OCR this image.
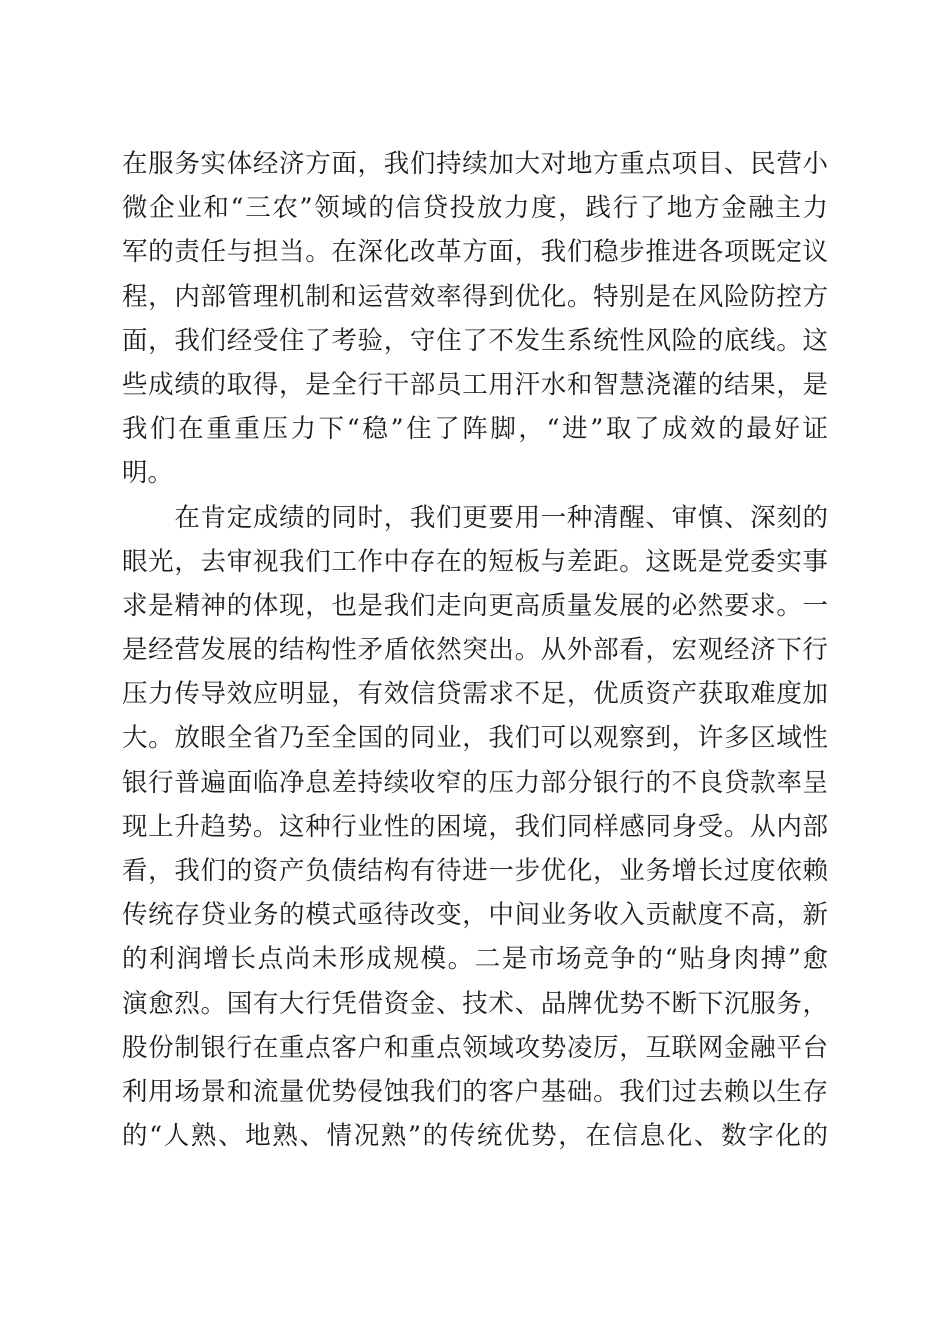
在服务实体经济方面，我们持续加大对地方重点项目、民营小
微企业和“三农”领域的信贷投放力度，践行了地方金融主力
军的责任与担当。在深化改革方面，我们稳步推进各项既定议
程，内部管理机制和运营效率得到优化。特别是在风险防控方
面，我们经受住了考验，守住了不发生系统性风险的底线。这
些成绩的取得，是全行干部员工用汗水和智慧浇灌的结果，是
我们在重重压力下“稳”住了阵脚，“进”取了成效的最好证
明。
　　在肯定成绩的同时，我们更要用一种清醒、审慎、深刻的
眼光，去审视我们工作中存在的短板与差距。这既是党委实事
求是精神的体现，也是我们走向更高质量发展的必然要求。一
是经营发展的结构性矛盾依然突出。从外部看，宏观经济下行
压力传导效应明显，有效信贷需求不足，优质资产获取难度加
大。放眼全省乃至全国的同业，我们可以观察到，许多区域性
银行普遍面临净息差持续收窄的压力部分银行的不良贷款率呈
现上升趋势。这种行业性的困境，我们同样感同身受。从内部
看，我们的资产负债结构有待进一步优化，业务增长过度依赖
传统存贷业务的模式亟待改变，中间业务收入贡献度不高，新
的利润增长点尚未形成规模。二是市场竞争的“贴身肉搏”愈
演愈烈。国有大行凭借资金、技术、品牌优势不断下沉服务，
股份制银行在重点客户和重点领域攻势凌厉，互联网金融平台
利用场景和流量优势侵蚀我们的客户基础。我们过去赖以生存
的“人熟、地熟、情况熟”的传统优势，在信息化、数字化的
